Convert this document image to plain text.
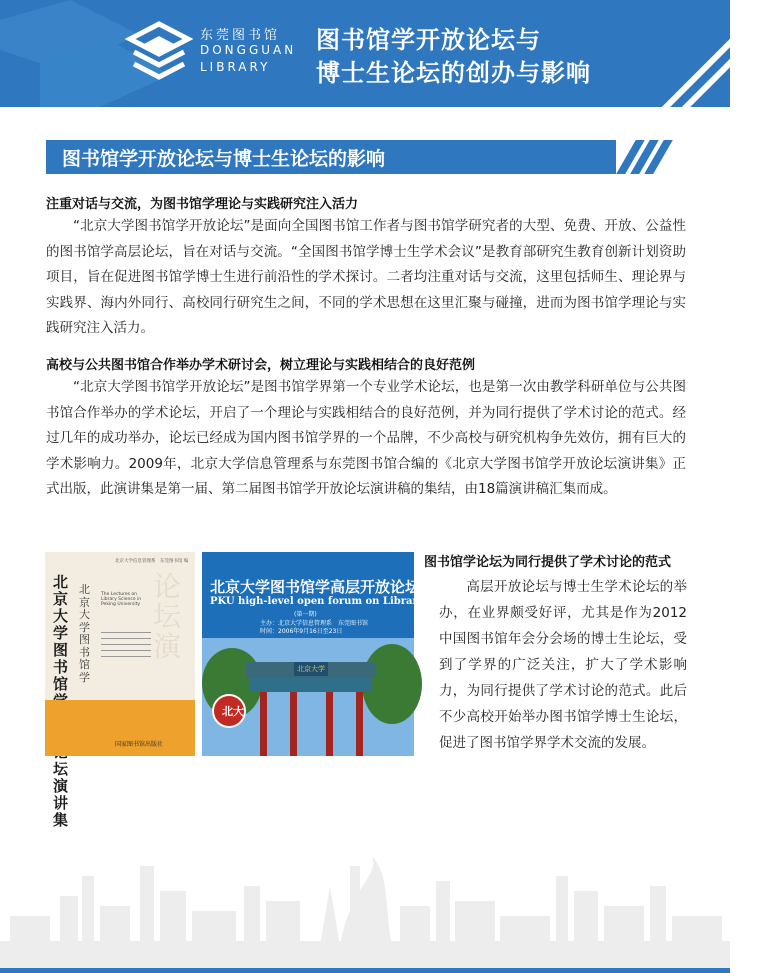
东莞图书馆
DONGGUAN
LIBRARY
图书馆学开放论坛与
博士生论坛的创办与影响
图书馆学开放论坛与博士生论坛的影响
注重对话与交流，为图书馆学理论与实践研究注入活力
“北京大学图书馆学开放论坛”是面向全国图书馆工作者与图书馆学研究者的大型、免费、开放、公益性的图书馆学高层论坛，旨在对话与交流。“全国图书馆学博士生学术会议”是教育部研究生教育创新计划资助项目，旨在促进图书馆学博士生进行前沿性的学术探讨。二者均注重对话与交流，这里包括师生、理论界与实践界、海内外同行、高校同行研究生之间，不同的学术思想在这里汇聚与碰撞，进而为图书馆学理论与实践研究注入活力。
高校与公共图书馆合作举办学术研讨会，树立理论与实践相结合的良好范例
“北京大学图书馆学开放论坛”是图书馆学界第一个专业学术论坛，也是第一次由教学科研单位与公共图书馆合作举办的学术论坛，开启了一个理论与实践相结合的良好范例，并为同行提供了学术讨论的范式。经过几年的成功举办，论坛已经成为国内图书馆学界的一个品牌，不少高校与研究机构争先效仿，拥有巨大的学术影响力。2009年，北京大学信息管理系与东莞图书馆合编的《北京大学图书馆学开放论坛演讲集》正式出版，此演讲集是第一届、第二届图书馆学开放论坛演讲稿的集结，由18篇演讲稿汇集而成。
论坛演
北京大学信息管理系　东莞图书馆 编
北京大学图书馆 坛演讲集
北京大学图书馆学
The Lectures on Library Science in Peking University
国家图书馆出版社
北京大学图书馆学高层开放论坛
PKU high-level open forum on Library Science
(第一期)
主办：北京大学信息管理系　东莞图书馆
时间：2006年9月16日至23日
北京大学
北大
图书馆学论坛为同行提供了学术讨论的范式
高层开放论坛与博士生学术论坛的举办，在业界颇受好评，尤其是作为2012中国图书馆年会分会场的博士生论坛，受到了学界的广泛关注，扩大了学术影响力，为同行提供了学术讨论的范式。此后不少高校开始举办图书馆学博士生论坛，促进了图书馆学界学术交流的发展。
